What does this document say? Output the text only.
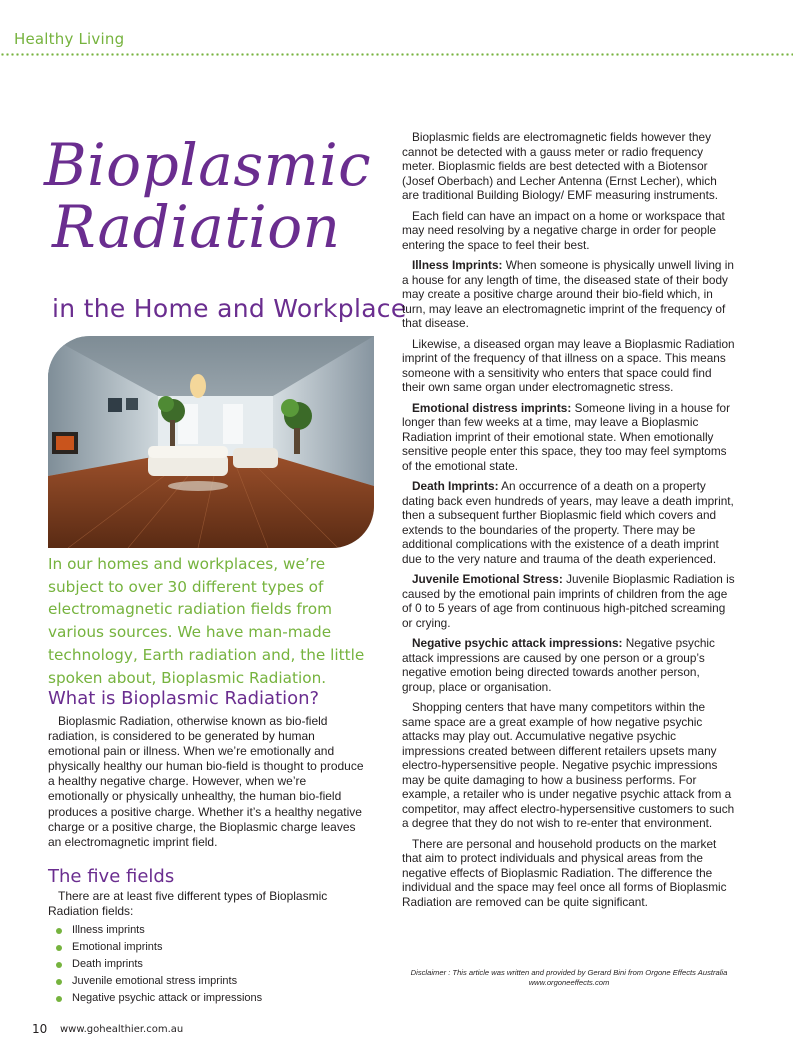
Healthy Living

Bioplasmic
Radiation
in the Home and Workplace

In our homes and workplaces, we’re subject to over 30 different types of electromagnetic radiation fields from various sources. We have man-made technology, Earth radiation and, the little spoken about, Bioplasmic Radiation.

What is Bioplasmic Radiation?

Bioplasmic Radiation, otherwise known as bio-field radiation, is considered to be generated by human emotional pain or illness. When we’re emotionally and physically healthy our human bio-field is thought to produce a healthy negative charge. However, when we’re emotionally or physically unhealthy, the human bio-field produces a positive charge. Whether it’s a healthy negative charge or a positive charge, the Bioplasmic charge leaves an electromagnetic imprint field.

The five fields

There are at least five different types of Bioplasmic Radiation fields:

Illness imprints
Emotional imprints
Death imprints
Juvenile emotional stress imprints
Negative psychic attack or impressions

Bioplasmic fields are electromagnetic fields however they cannot be detected with a gauss meter or radio frequency meter. Bioplasmic fields are best detected with a Biotensor (Josef Oberbach) and Lecher Antenna (Ernst Lecher), which are traditional Building Biology/ EMF measuring instruments.

Each field can have an impact on a home or workspace that may need resolving by a negative charge in order for people entering the space to feel their best.

Illness Imprints: When someone is physically unwell living in a house for any length of time, the diseased state of their body may create a positive charge around their bio-field which, in turn, may leave an electromagnetic imprint of the frequency of that disease.

Likewise, a diseased organ may leave a Bioplasmic Radiation imprint of the frequency of that illness on a space. This means someone with a sensitivity who enters that space could find their own same organ under electromagnetic stress.

Emotional distress imprints: Someone living in a house for longer than few weeks at a time, may leave a Bioplasmic Radiation imprint of their emotional state. When emotionally sensitive people enter this space, they too may feel symptoms of the emotional state.

Death Imprints: An occurrence of a death on a property dating back even hundreds of years, may leave a death imprint, then a subsequent further Bioplasmic field which covers and extends to the boundaries of the property. There may be additional complications with the existence of a death imprint due to the very nature and trauma of the death experienced.

Juvenile Emotional Stress: Juvenile Bioplasmic Radiation is caused by the emotional pain imprints of children from the age of 0 to 5 years of age from continuous high-pitched screaming or crying.

Negative psychic attack impressions: Negative psychic attack impressions are caused by one person or a group’s negative emotion being directed towards another person, group, place or organisation.

Shopping centers that have many competitors within the same space are a great example of how negative psychic attacks may play out. Accumulative negative psychic impressions created between different retailers upsets many electro-hypersensitive people. Negative psychic impressions may be quite damaging to how a business performs. For example, a retailer who is under negative psychic attack from a competitor, may affect electro-hypersensitive customers to such a degree that they do not wish to re-enter that environment.

There are personal and household products on the market that aim to protect individuals and physical areas from the negative effects of Bioplasmic Radiation. The difference the individual and the space may feel once all forms of Bioplasmic Radiation are removed can be quite significant.

Disclaimer : This article was written and provided by Gerard Bini from Orgone Effects Australia www.orgoneeffects.com

10 www.gohealthier.com.au
